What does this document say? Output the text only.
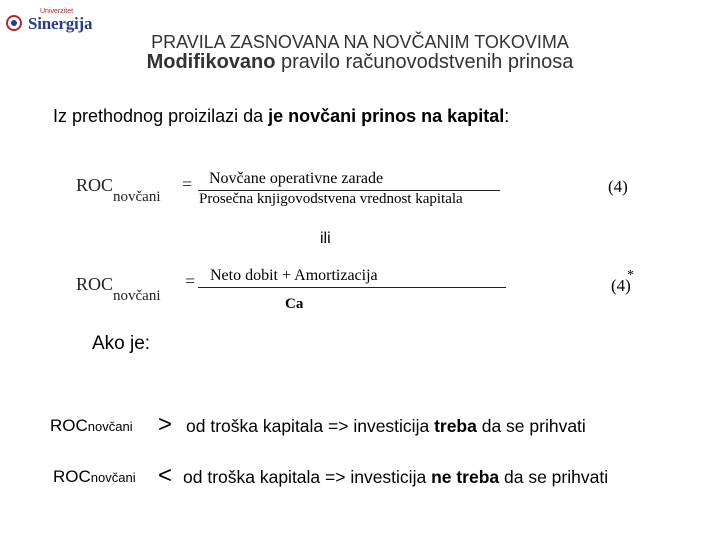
Univerzitet
Sinergija
PRAVILA ZASNOVANA NA NOVČANIM TOKOVIMA
Modifikovano pravilo računovodstvenih prinosa
Iz prethodnog proizilazi da je novčani prinos na kapital:
$ROC_{novčani}$
= Novčane operativne zarade
Prosečna knjigovodstvena vrednost kapitala
(4)
ili
$ROC_{novčani}$
= Neto dobit + Amortizacija
Ca
(4)
*
Ako je:
ROCnovčani > od troška kapitala => investicija treba da se prihvati
ROCnovčani < od troška kapitala => investicija ne treba da se prihvati
